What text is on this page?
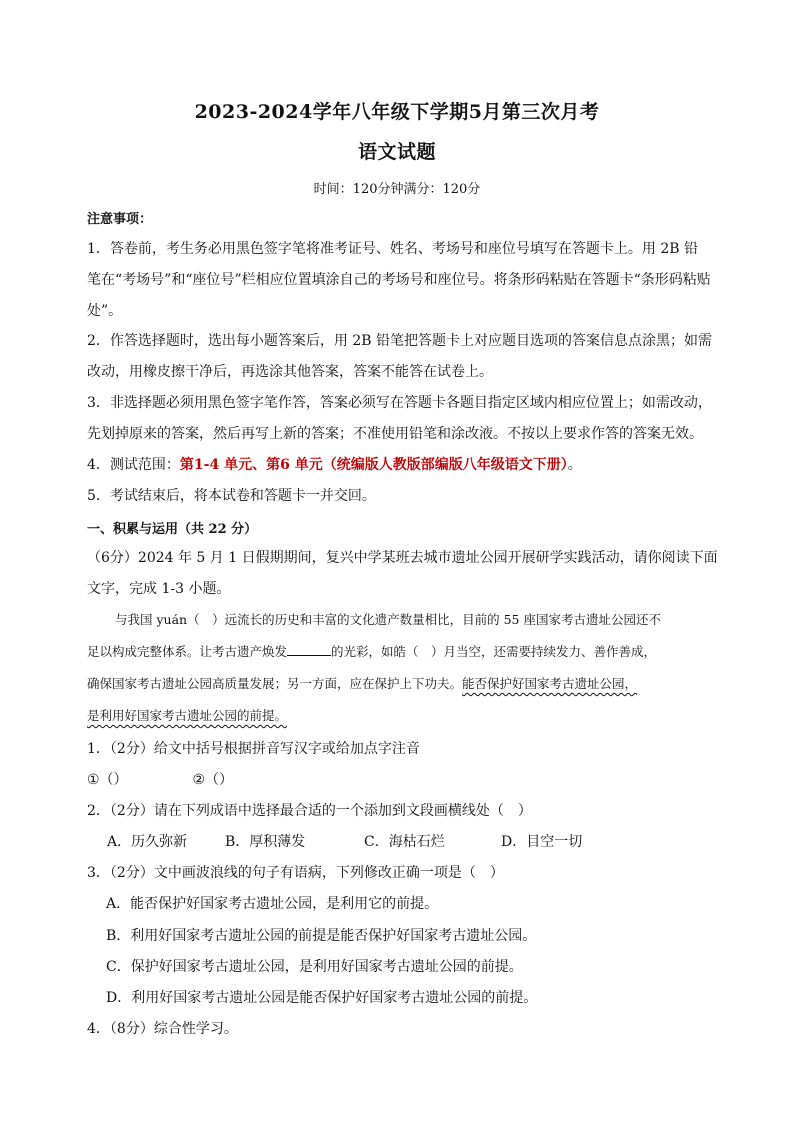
2023-2024学年八年级下学期5月第三次月考
语文试题
时间：120分钟满分：120分
注意事项：
1．答卷前，考生务必用黑色签字笔将准考证号、姓名、考场号和座位号填写在答题卡上。用 2B 铅
笔在“考场号”和“座位号”栏相应位置填涂自己的考场号和座位号。将条形码粘贴在答题卡“条形码粘贴
处”。
2．作答选择题时，选出每小题答案后，用 2B 铅笔把答题卡上对应题目选项的答案信息点涂黑；如需
改动，用橡皮擦干净后，再选涂其他答案，答案不能答在试卷上。
3．非选择题必须用黑色签字笔作答，答案必须写在答题卡各题目指定区域内相应位置上；如需改动，
先划掉原来的答案，然后再写上新的答案；不准使用铅笔和涂改液。不按以上要求作答的答案无效。
4．测试范围：第1-4 单元、第6 单元（统编版人教版部编版八年级语文下册）。
5．考试结束后，将本试卷和答题卡一并交回。
一、积累与运用（共 22 分）
（6分）2024 年 5 月 1 日假期期间，复兴中学某班去城市遗址公园开展研学实践活动，请你阅读下面
文字，完成 1-3 小题。
与我国 yuán（　）远流长的历史和丰富的文化遗产数量相比，目前的 55 座国家考古遗址公园还不
足以构成完整体系。让考古遗产焕发	的光彩，如皓（　）月当空，还需要持续发力、善作善成，
确保国家考古遗址公园高质量发展；另一方面，应在保护上下功夫。能否保护好国家考古遗址公园，
是利用好国家考古遗址公园的前提。
1．（2分）给文中括号根据拼音写汉字或给加点字注音
①（）	②（）
2．（2分）请在下列成语中选择最合适的一个添加到文段画横线处（　）
A．历久弥新	B．厚积薄发	C．海枯石烂	D．目空一切
3．（2分）文中画波浪线的句子有语病，下列修改正确一项是（　）
A．能否保护好国家考古遗址公园，是利用它的前提。
B．利用好国家考古遗址公园的前提是能否保护好国家考古遗址公园。
C．保护好国家考古遗址公园，是利用好国家考古遗址公园的前提。
D．利用好国家考古遗址公园是能否保护好国家考古遗址公园的前提。
4．（8分）综合性学习。
